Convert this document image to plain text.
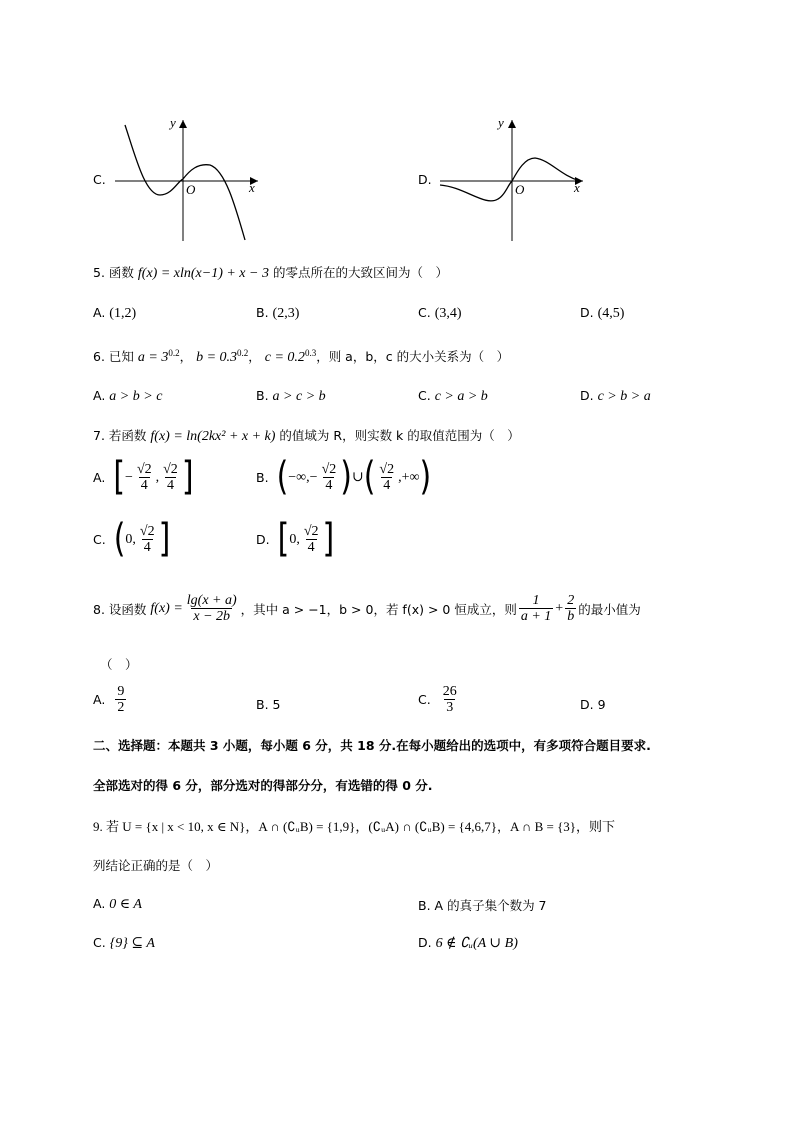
C.
y
x
O
D.
y
x
O
5. 函数 f(x) = xln(x−1) + x − 3 的零点所在的大致区间为（　）
A. (1,2)	B. (2,3)	C. (3,4)	D. (4,5)
6. 已知 $a = 3^{0.2}$， $b = 0.3^{0.2}$， $c = 0.2^{0.3}$，则 a，b，c 的大小关系为（　）
A. a > b > c	B. a > c > b	C. c > a > b	D. c > b > a
7. 若函数 f(x) = ln(2kx² + x + k) 的值域为 R，则实数 k 的取值范围为（　）
A. [ − $\frac{√2}{4}$ , $\frac{√2}{4}$ ]	B. ( −∞,− $\frac{√2}{4}$ ) ∪ ( $\frac{√2}{4}$ ,+∞ )
C. ( 0, $\frac{√2}{4}$ ]	D. [ 0, $\frac{√2}{4}$ ]
8. 设函数 $f(x) = \frac{\lg(x + a)}{x - 2b}$ ，其中 a > −1，b > 0，若 f(x) > 0 恒成立，则 $\frac{1}{a + 1} + \frac{2}{b}$ 的最小值为
（　）
A. $\frac{9}{2}$	B. 5	C. $\frac{26}{3}$	D. 9
二、选择题：本题共 3 小题，每小题 6 分，共 18 分.在每小题给出的选项中，有多项符合题目要求.
全部选对的得 6 分，部分选对的得部分分，有选错的得 0 分.
9. 若 U = {x | x < 10, x ∈ N}，A ∩ (∁ᵤB) = {1,9}，(∁ᵤA) ∩ (∁ᵤB) = {4,6,7}，A ∩ B = {3}，则下
列结论正确的是（　）
A. 0 ∈ A	B. A 的真子集个数为 7
C. {9} ⊆ A	D. 6 ∉ ∁ᵤ(A ∪ B)
